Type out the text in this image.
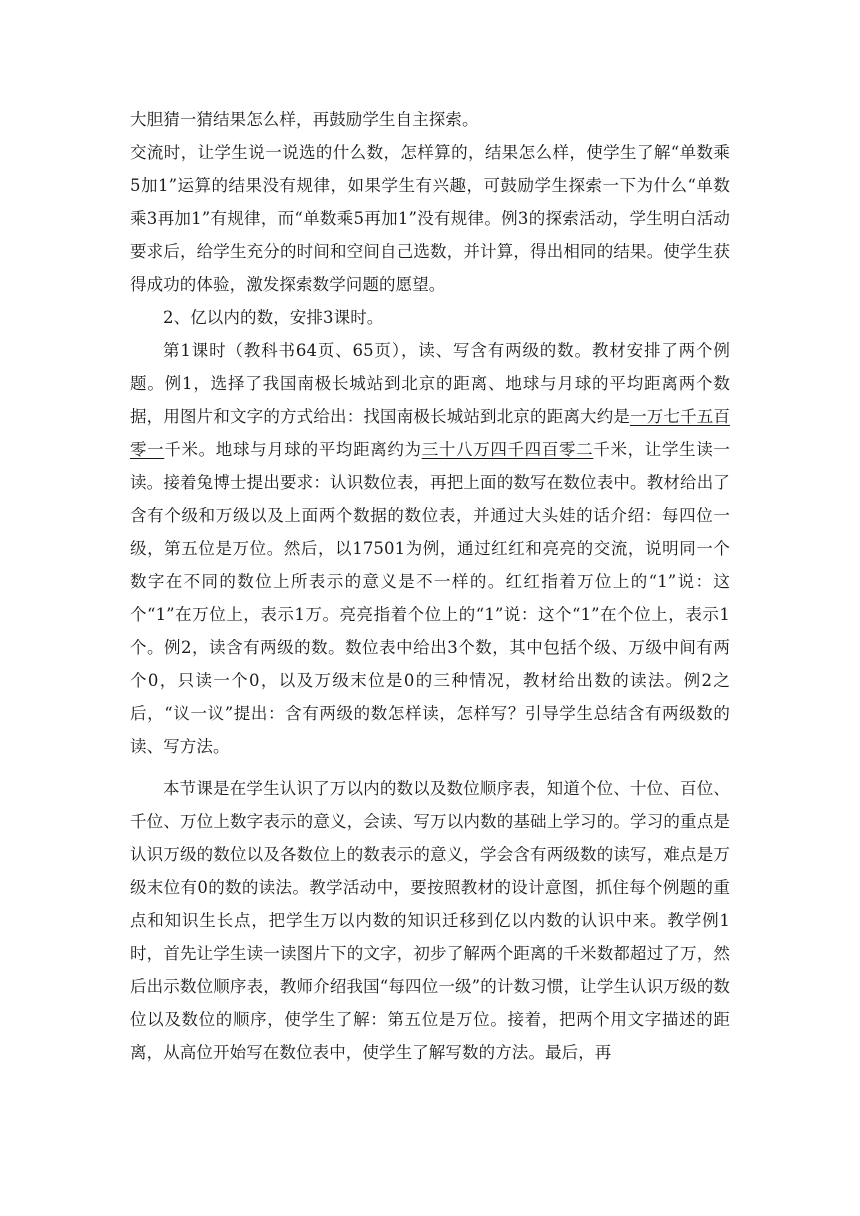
大胆猜一猜结果怎么样，再鼓励学生自主探索。

交流时，让学生说一说选的什么数，怎样算的，结果怎么样，使学生了解“单数乘5加1”运算的结果没有规律，如果学生有兴趣，可鼓励学生探索一下为什么“单数乘3再加1”有规律，而“单数乘5再加1”没有规律。例3的探索活动，学生明白活动要求后，给学生充分的时间和空间自己选数，并计算，得出相同的结果。使学生获得成功的体验，激发探索数学问题的愿望。

2、亿以内的数，安排3课时。

第1课时（教科书64页、65页），读、写含有两级的数。教材安排了两个例题。例1，选择了我国南极长城站到北京的距离、地球与月球的平均距离两个数据，用图片和文字的方式给出：找国南极长城站到北京的距离大约是一万七千五百零一千米。地球与月球的平均距离约为三十八万四千四百零二千米，让学生读一读。接着兔博士提出要求：认识数位表，再把上面的数写在数位表中。教材给出了含有个级和万级以及上面两个数据的数位表，并通过大头娃的话介绍：每四位一级，第五位是万位。然后，以17501为例，通过红红和亮亮的交流，说明同一个数字在不同的数位上所表示的意义是不一样的。红红指着万位上的“1”说：这个“1”在万位上，表示1万。亮亮指着个位上的“1”说：这个“1”在个位上，表示1个。例2，读含有两级的数。数位表中给出3个数，其中包括个级、万级中间有两个0，只读一个0，以及万级末位是0的三种情况，教材给出数的读法。例2之后，“议一议”提出：含有两级的数怎样读，怎样写？引导学生总结含有两级数的读、写方法。

本节课是在学生认识了万以内的数以及数位顺序表，知道个位、十位、百位、千位、万位上数字表示的意义，会读、写万以内数的基础上学习的。学习的重点是认识万级的数位以及各数位上的数表示的意义，学会含有两级数的读写，难点是万级末位有0的数的读法。教学活动中，要按照教材的设计意图，抓住每个例题的重点和知识生长点，把学生万以内数的知识迁移到亿以内数的认识中来。教学例1时，首先让学生读一读图片下的文字，初步了解两个距离的千米数都超过了万，然后出示数位顺序表，教师介绍我国“每四位一级”的计数习惯，让学生认识万级的数位以及数位的顺序，使学生了解：第五位是万位。接着，把两个用文字描述的距离，从高位开始写在数位表中，使学生了解写数的方法。最后，再
